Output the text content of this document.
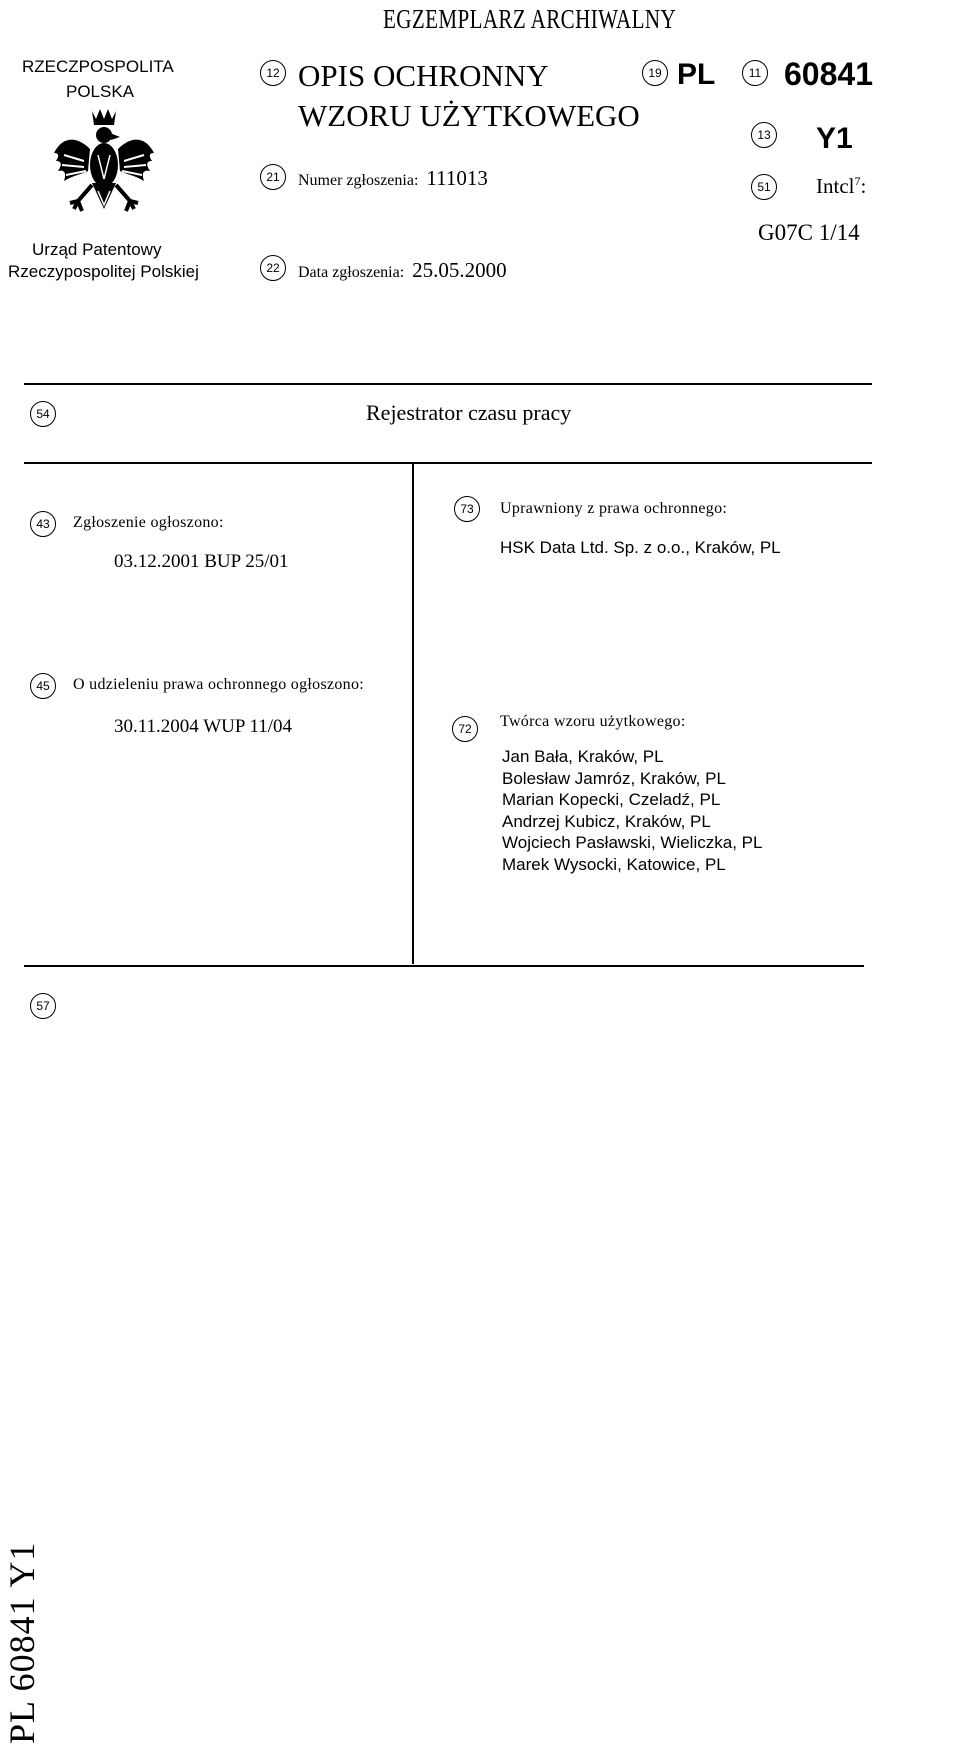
EGZEMPLARZ ARCHIWALNY
RZECZPOSPOLITA
POLSKA
Urząd Patentowy
Rzeczypospolitej Polskiej
12 OPIS OCHRONNY
WZORU UŻYTKOWEGO
19 PL	11 60841
13 Y1
21	Numer zgłoszenia: 111013	51	Intcl$^7$:
G07C 1/14
22	Data zgłoszenia: 25.05.2000
54	Rejestrator czasu pracy
43	Zgłoszenie ogłoszono:
03.12.2001 BUP 25/01
73	Uprawniony z prawa ochronnego:
HSK Data Ltd. Sp. z o.o., Kraków, PL
45	O udzieleniu prawa ochronnego ogłoszono:
30.11.2004 WUP 11/04	72	Twórca wzoru użytkowego:
Jan Bała, Kraków, PL
Bolesław Jamróz, Kraków, PL
Marian Kopecki, Czeladź, PL
Andrzej Kubicz, Kraków, PL
Wojciech Pasławski, Wieliczka, PL
Marek Wysocki, Katowice, PL
57
PL 60841 Y1
